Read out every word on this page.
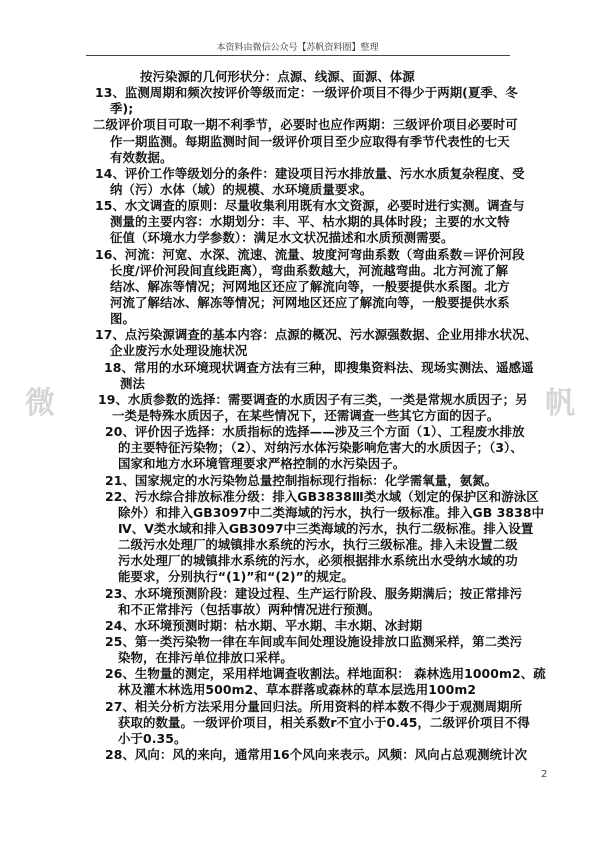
本资料由微信公众号【苏帆资料圈】整理
微	帆
按污染源的几何形状分：点源、线源、面源、体源
13、监测周期和频次按评价等级而定：一级评价项目不得少于两期(夏季、冬
季);
二级评价项目可取一期不利季节，必要时也应作两期：三级评价项目必要时可
作一期监测。每期监测时间一级评价项目至少应取得有季节代表性的七天
有效数据。
14、评价工作等级划分的条件：建设项目污水排放量、污水水质复杂程度、受
纳（污）水体（域）的规模、水环境质量要求。
15、水文调查的原则：尽量收集利用既有水文资源，必要时进行实测。调查与
测量的主要内容：水期划分：丰、平、枯水期的具体时段；主要的水文特
征值（环境水力学参数）：满足水文状况描述和水质预测需要。
16、河流：河宽、水深、流速、流量、坡度河弯曲系数（弯曲系数＝评价河段
长度/评价河段间直线距离），弯曲系数越大，河流越弯曲。北方河流了解
结冰、解冻等情况；河网地区还应了解流向等，一般要提供水系图。北方
河流了解结冰、解冻等情况；河网地区还应了解流向等，一般要提供水系
图。
17、点污染源调查的基本内容：点源的概况、污水源强数据、企业用排水状况、
企业废污水处理设施状况
18、常用的水环境现状调查方法有三种，即搜集资料法、现场实测法、遥感遥
测法
19、水质参数的选择：需要调查的水质因子有三类，一类是常规水质因子；另
一类是特殊水质因子，在某些情况下，还需调查一些其它方面的因子。
20、评价因子选择：水质指标的选择——涉及三个方面（1）、工程废水排放
的主要特征污染物；（2）、对纳污水体污染影响危害大的水质因子；（3）、
国家和地方水环境管理要求严格控制的水污染因子。
21、国家规定的水污染物总量控制指标现行指标：化学需氧量，氨氮。
22、污水综合排放标准分级：排入GB3838Ⅲ类水域（划定的保护区和游泳区
除外）和排入GB3097中二类海域的污水，执行一级标准。排入GB 3838中
Ⅳ、Ⅴ类水域和排入GB3097中三类海域的污水，执行二级标准。排入设置
二级污水处理厂的城镇排水系统的污水，执行三级标准。排入未设置二级
污水处理厂的城镇排水系统的污水，必须根据排水系统出水受纳水域的功
能要求，分别执行“(1)”和“(2)”的规定。
23、水环境预测阶段：建设过程、生产运行阶段、服务期满后；按正常排污
和不正常排污（包括事故）两种情况进行预测。
24、水环境预测时期：枯水期、平水期、丰水期、冰封期
25、第一类污染物一律在车间或车间处理设施设排放口监测采样，第二类污
染物，在排污单位排放口采样。
26、生物量的测定，采用样地调查收割法。样地面积： 森林选用1000m2、疏
林及灌木林选用500m2、草本群落或森林的草本层选用100m2
27、相关分析方法采用分量回归法。所用资料的样本数不得少于观测周期所
获取的数量。一级评价项目，相关系数r不宜小于0.45，二级评价项目不得
小于0.35。
28、风向：风的来向，通常用16个风向来表示。风频：风向占总观测统计次
2
